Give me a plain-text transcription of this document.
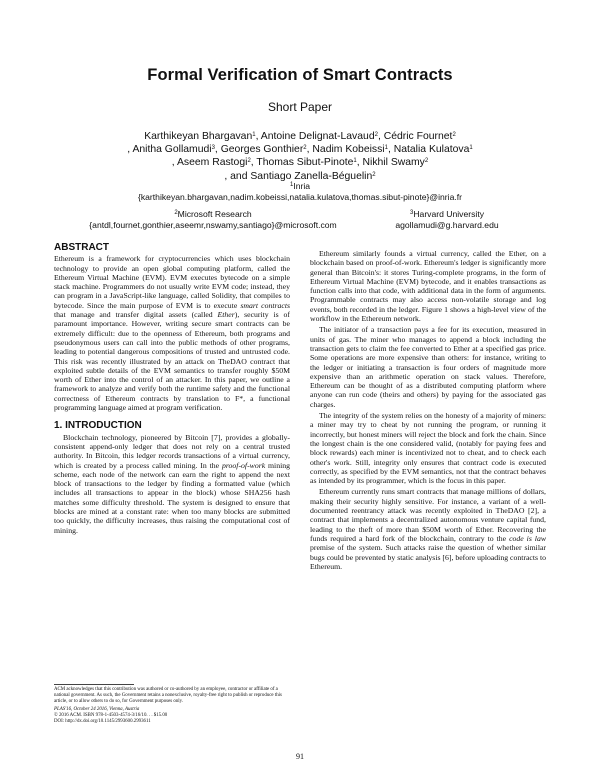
Formal Verification of Smart Contracts
Short Paper
Karthikeyan Bhargavan$^1$, Antoine Delignat-Lavaud$^2$, Cédric Fournet$^2$
, Anitha Gollamudi$^3$, Georges Gonthier$^2$, Nadim Kobeissi$^1$, Natalia Kulatova$^1$
, Aseem Rastogi$^2$, Thomas Sibut-Pinote$^1$, Nikhil Swamy$^2$
, and Santiago Zanella-Béguelin$^2$
$^1$Inria
{karthikeyan.bhargavan,nadim.kobeissi,natalia.kulatova,thomas.sibut-pinote}@inria.fr
$^2$Microsoft Research
{antdl,fournet,gonthier,aseemr,nswamy,santiago}@microsoft.com
$^3$Harvard University
agollamudi@g.harvard.edu

ABSTRACT

Ethereum is a framework for cryptocurrencies which uses blockchain technology to provide an open global computing platform, called the Ethereum Virtual Machine (EVM). EVM executes bytecode on a simple stack machine. Programmers do not usually write EVM code; instead, they can program in a JavaScript-like language, called Solidity, that compiles to bytecode. Since the main purpose of EVM is to execute smart contracts that manage and transfer digital assets (called Ether), security is of paramount importance. However, writing secure smart contracts can be extremely difficult: due to the openness of Ethereum, both programs and pseudonymous users can call into the public methods of other programs, leading to potential dangerous compositions of trusted and untrusted code. This risk was recently illustrated by an attack on TheDAO contract that exploited subtle details of the EVM semantics to transfer roughly $50M worth of Ether into the control of an attacker. In this paper, we outline a framework to analyze and verify both the runtime safety and the functional correctness of Ethereum contracts by translation to F*, a functional programming language aimed at program verification.

1. INTRODUCTION

Blockchain technology, pioneered by Bitcoin [7], provides a globally-consistent append-only ledger that does not rely on a central trusted authority. In Bitcoin, this ledger records transactions of a virtual currency, which is created by a process called mining. In the proof-of-work mining scheme, each node of the network can earn the right to append the next block of transactions to the ledger by finding a formatted value (which includes all transactions to appear in the block) whose SHA256 hash matches some difficulty threshold. The system is designed to ensure that blocks are mined at a constant rate: when too many blocks are submitted too quickly, the difficulty increases, thus raising the computational cost of mining.

Ethereum similarly founds a virtual currency, called the Ether, on a blockchain based on proof-of-work. Ethereum's ledger is significantly more general than Bitcoin's: it stores Turing-complete programs, in the form of Ethereum Virtual Machine (EVM) bytecode, and it enables transactions as function calls into that code, with additional data in the form of arguments. Programmable contracts may also access non-volatile storage and log events, both recorded in the ledger. Figure 1 shows a high-level view of the workflow in the Ethereum network.

The initiator of a transaction pays a fee for its execution, measured in units of gas. The miner who manages to append a block including the transaction gets to claim the fee converted to Ether at a specified gas price. Some operations are more expensive than others: for instance, writing to the ledger or initiating a transaction is four orders of magnitude more expensive than an arithmetic operation on stack values. Therefore, Ethereum can be thought of as a distributed computing platform where anyone can run code (theirs and others) by paying for the associated gas charges.

The integrity of the system relies on the honesty of a majority of miners: a miner may try to cheat by not running the program, or running it incorrectly, but honest miners will reject the block and fork the chain. Since the longest chain is the one considered valid, (notably for paying fees and block rewards) each miner is incentivized not to cheat, and to check each other's work. Still, integrity only ensures that contract code is executed correctly, as specified by the EVM semantics, not that the contract behaves as intended by its programmer, which is the focus in this paper.

Ethereum currently runs smart contracts that manage millions of dollars, making their security highly sensitive. For instance, a variant of a well-documented reentrancy attack was recently exploited in TheDAO [2], a contract that implements a decentralized autonomous venture capital fund, leading to the theft of more than $50M worth of Ether. Recovering the funds required a hard fork of the blockchain, contrary to the code is law premise of the system. Such attacks raise the question of whether similar bugs could be prevented by static analysis [6], before uploading contracts to Ethereum.

ACM acknowledges that this contribution was authored or co-authored by an employee, contractor or affiliate of a national government. As such, the Government retains a nonexclusive, royalty-free right to publish or reproduce this article, or to allow others to do so, for Government purposes only.
PLAS'16, October 24 2016, Vienna, Austria
© 2016 ACM. ISBN 978-1-4503-4574-3/16/10. . . $15.00
DOI: http://dx.doi.org/10.1145/2993600.2993611
91
